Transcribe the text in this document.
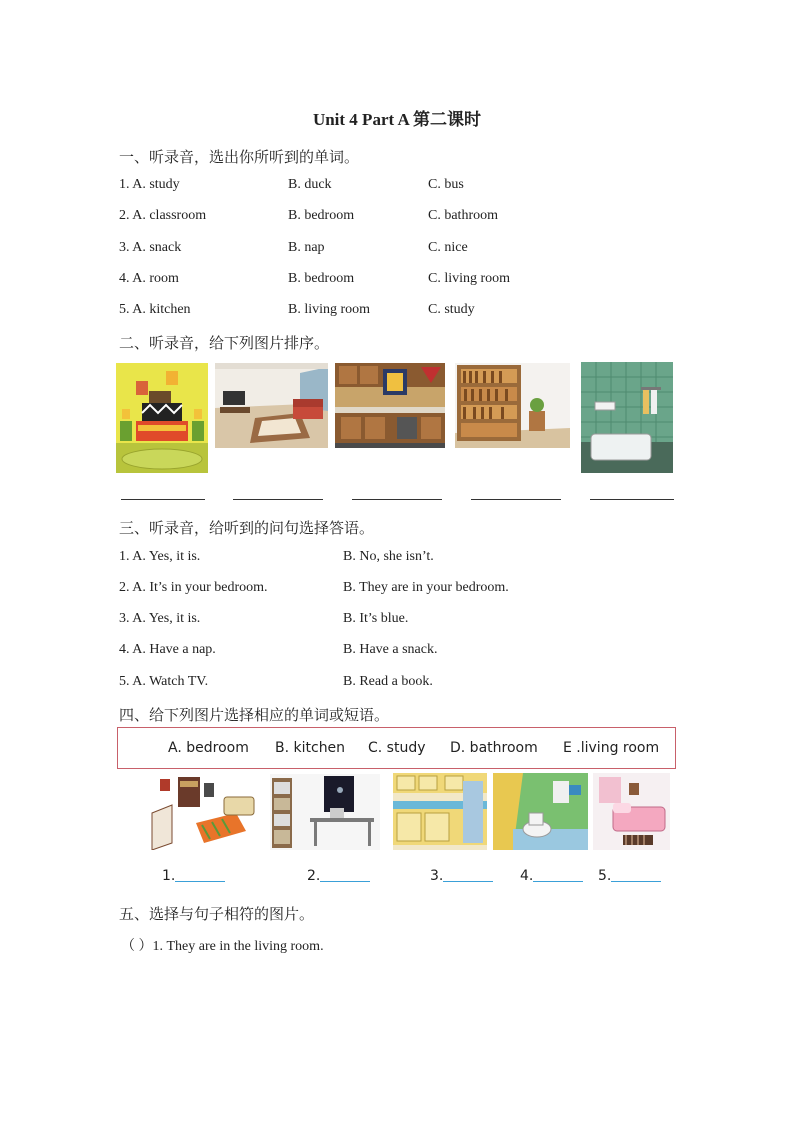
Unit 4 Part A 第二课时
一、听录音，选出你所听到的单词。
1. A. study	B. duck	C. bus
2. A. classroom	B. bedroom	C. bathroom
3. A. snack	B. nap	C. nice
4. A. room	B. bedroom	C. living room
5. A. kitchen	B. living room	C. study
二、听录音，给下列图片排序。
三、听录音，给听到的问句选择答语。
1. A. Yes, it is.	B. No, she isn’t.
2. A. It’s in your bedroom.	B. They are in your bedroom.
3. A. Yes, it is.	B. It’s blue.
4. A. Have a nap.	B. Have a snack.
5. A. Watch TV.	B. Read a book.
四、给下列图片选择相应的单词或短语。
A. bedroom B. kitchen C. study D. bathroom E .living room
1.	2.	3.	4.	5.
五、选择与句子相符的图片。
（ ）1. They are in the living room.
